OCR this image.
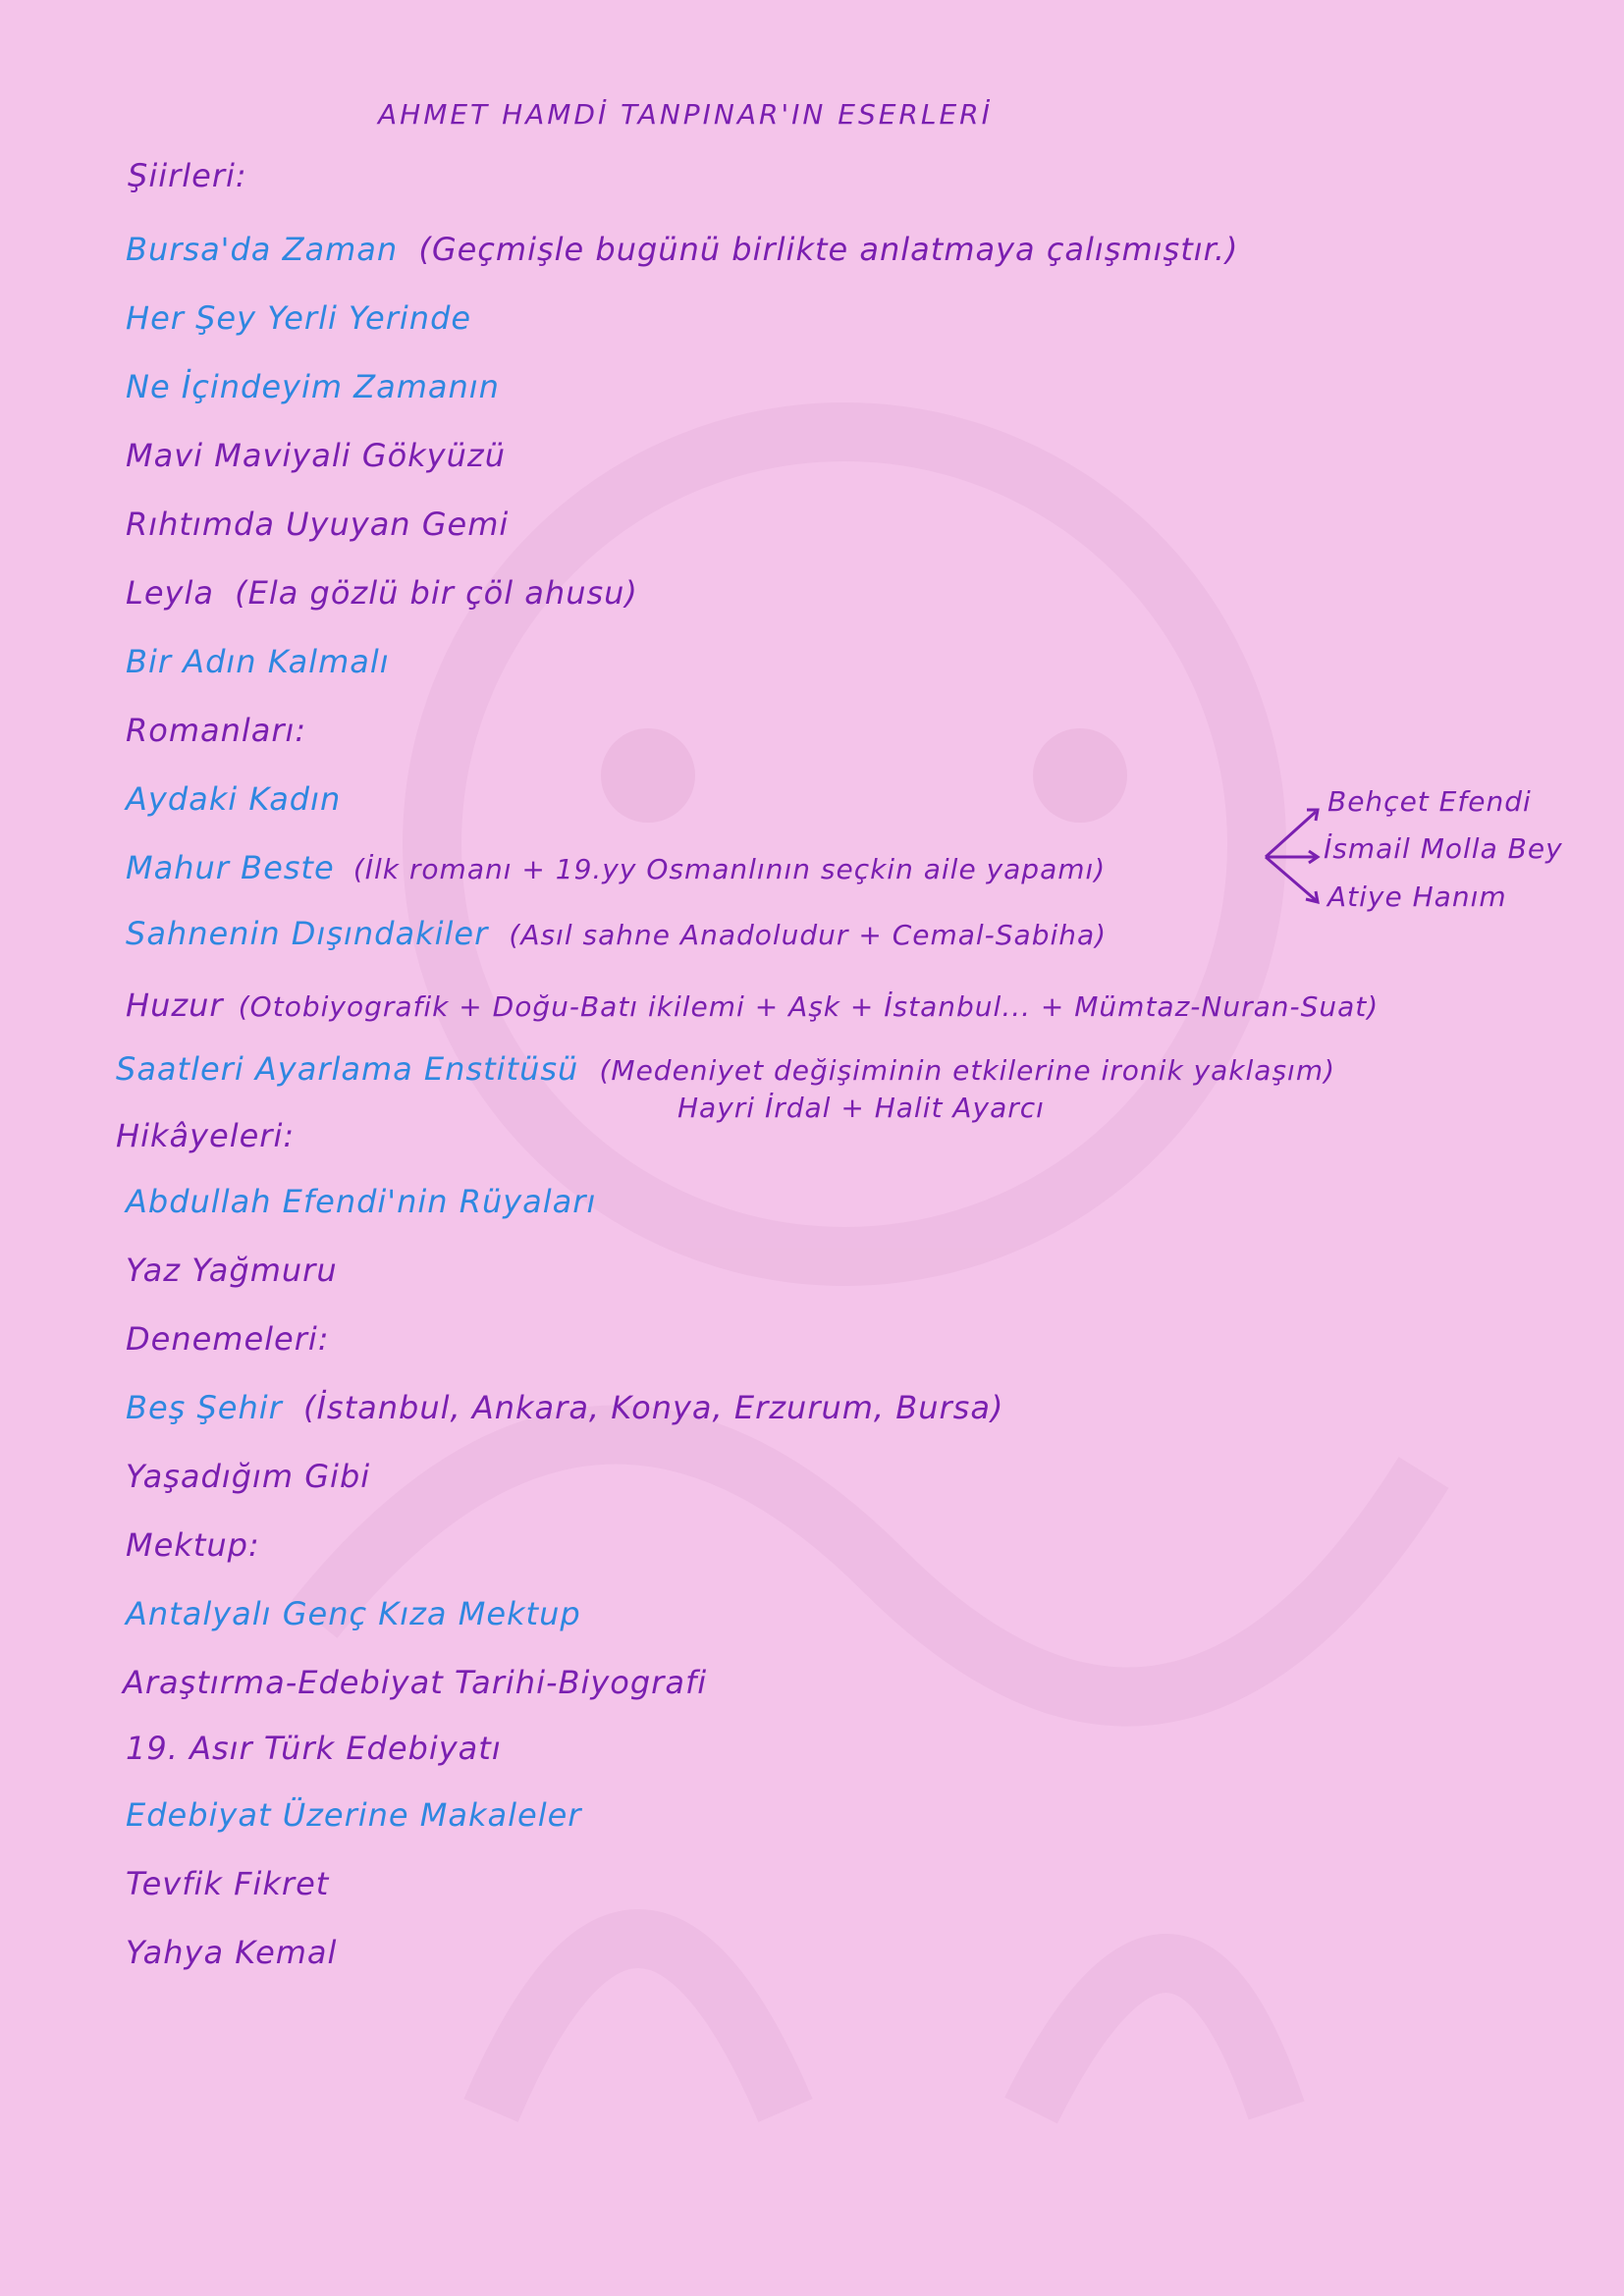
AHMET HAMDİ TANPINAR'IN ESERLERİ
Şiirleri:
Bursa'da Zaman (Geçmişle bugünü birlikte anlatmaya çalışmıştır.)
Her Şey Yerli Yerinde
Ne İçindeyim Zamanın
Mavi Maviyali Gökyüzü
Rıhtımda Uyuyan Gemi
Leyla (Ela gözlü bir çöl ahusu)
Bir Adın Kalmalı
Romanları:
Aydaki Kadın
Mahur Beste (İlk romanı + 19.yy Osmanlının seçkin aile yapamı)
Behçet Efendi
İsmail Molla Bey
Atiye Hanım
Sahnenin Dışındakiler (Asıl sahne Anadoludur + Cemal-Sabiha)
Huzur (Otobiyografik + Doğu-Batı ikilemi + Aşk + İstanbul... + Mümtaz-Nuran-Suat)
Saatleri Ayarlama Enstitüsü (Medeniyet değişiminin etkilerine ironik yaklaşım)
Hayri İrdal + Halit Ayarcı
Hikâyeleri:
Abdullah Efendi'nin Rüyaları
Yaz Yağmuru
Denemeleri:
Beş Şehir (İstanbul, Ankara, Konya, Erzurum, Bursa)
Yaşadığım Gibi
Mektup:
Antalyalı Genç Kıza Mektup
Araştırma-Edebiyat Tarihi-Biyografi
19. Asır Türk Edebiyatı
Edebiyat Üzerine Makaleler
Tevfik Fikret
Yahya Kemal
